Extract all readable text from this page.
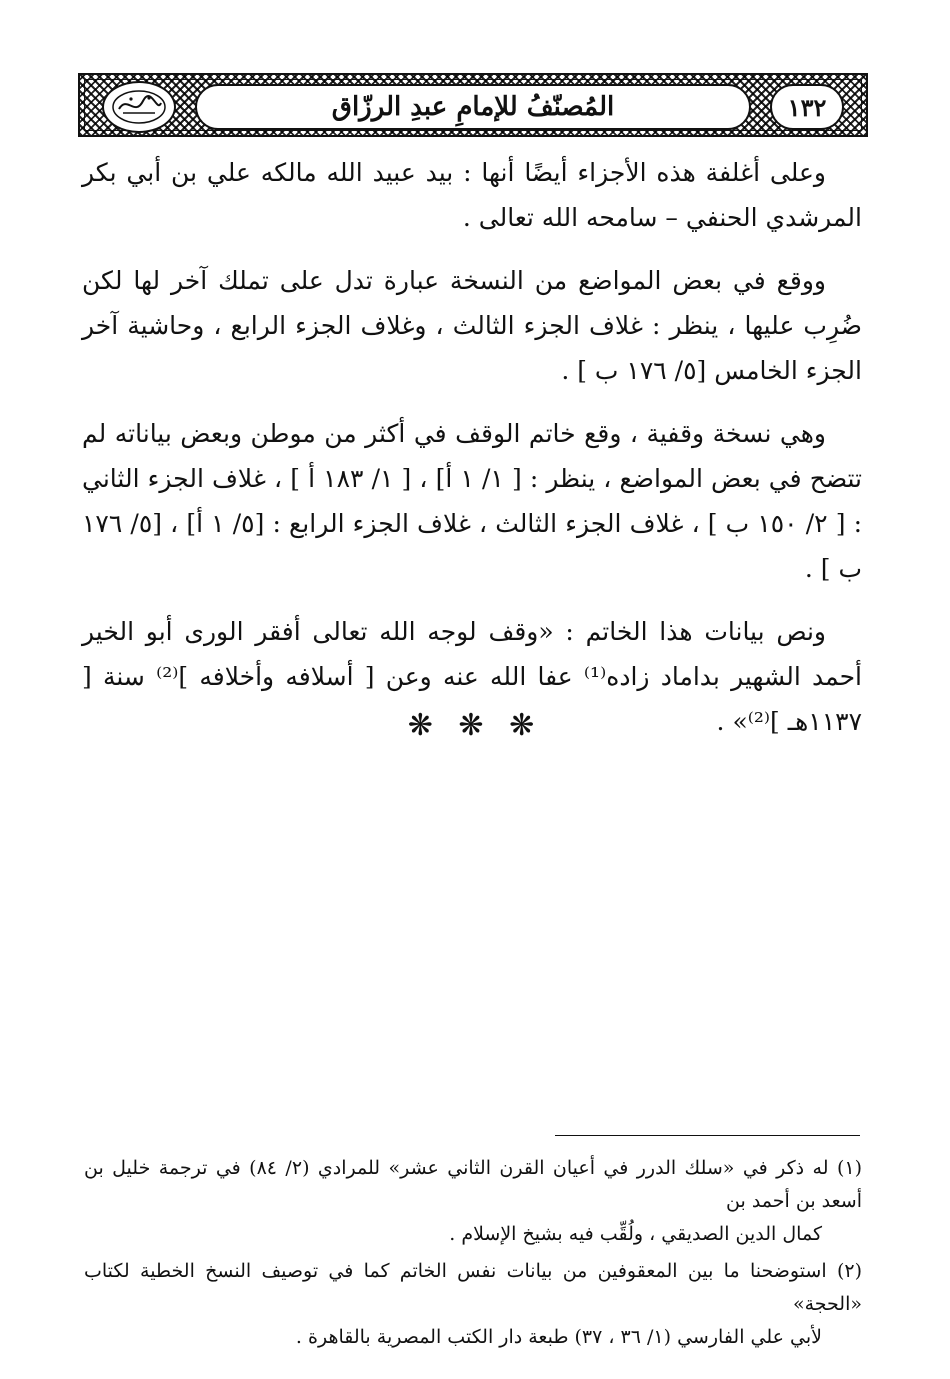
المُصنّفُ للإمامِ عبدِ الرزّاق	١٣٢

وعلى أغلفة هذه الأجزاء أيضًا أنها : بيد عبيد الله مالكه علي بن أبي بكر المرشدي الحنفي – سامحه الله تعالى .

ووقع في بعض المواضع من النسخة عبارة تدل على تملك آخر لها لكن ضُرِب عليها ، ينظر : غلاف الجزء الثالث ، وغلاف الجزء الرابع ، وحاشية آخر الجزء الخامس [٥/ ١٧٦ ب ] .

وهي نسخة وقفية ، وقع خاتم الوقف في أكثر من موطن وبعض بياناته لم تتضح في بعض المواضع ، ينظر : [ ١/ ١ أ] ، [ ١/ ١٨٣ أ ] ، غلاف الجزء الثاني : [ ٢/ ١٥٠ ب ] ، غلاف الجزء الثالث ، غلاف الجزء الرابع : [٥/ ١ أ] ، [٥/ ١٧٦ ب ] .

ونص بيانات هذا الخاتم : «وقف لوجه الله تعالى أفقر الورى أبو الخير أحمد الشهير بداماد زاده⁽¹⁾ عفا الله عنه وعن [ أسلافه وأخلافه ]⁽²⁾ سنة [ ١١٣٧هـ ]⁽²⁾» .

❋ ❋ ❋

(١) له ذكر في «سلك الدرر في أعيان القرن الثاني عشر» للمرادي (٢/ ٨٤) في ترجمة خليل بن أسعد بن أحمد بن
كمال الدين الصديقي ، ولُقِّب فيه بشيخ الإسلام .

(٢) استوضحنا ما بين المعقوفين من بيانات نفس الخاتم كما في توصيف النسخ الخطية لكتاب «الحجة»
لأبي علي الفارسي (١/ ٣٦ ، ٣٧) طبعة دار الكتب المصرية بالقاهرة .
